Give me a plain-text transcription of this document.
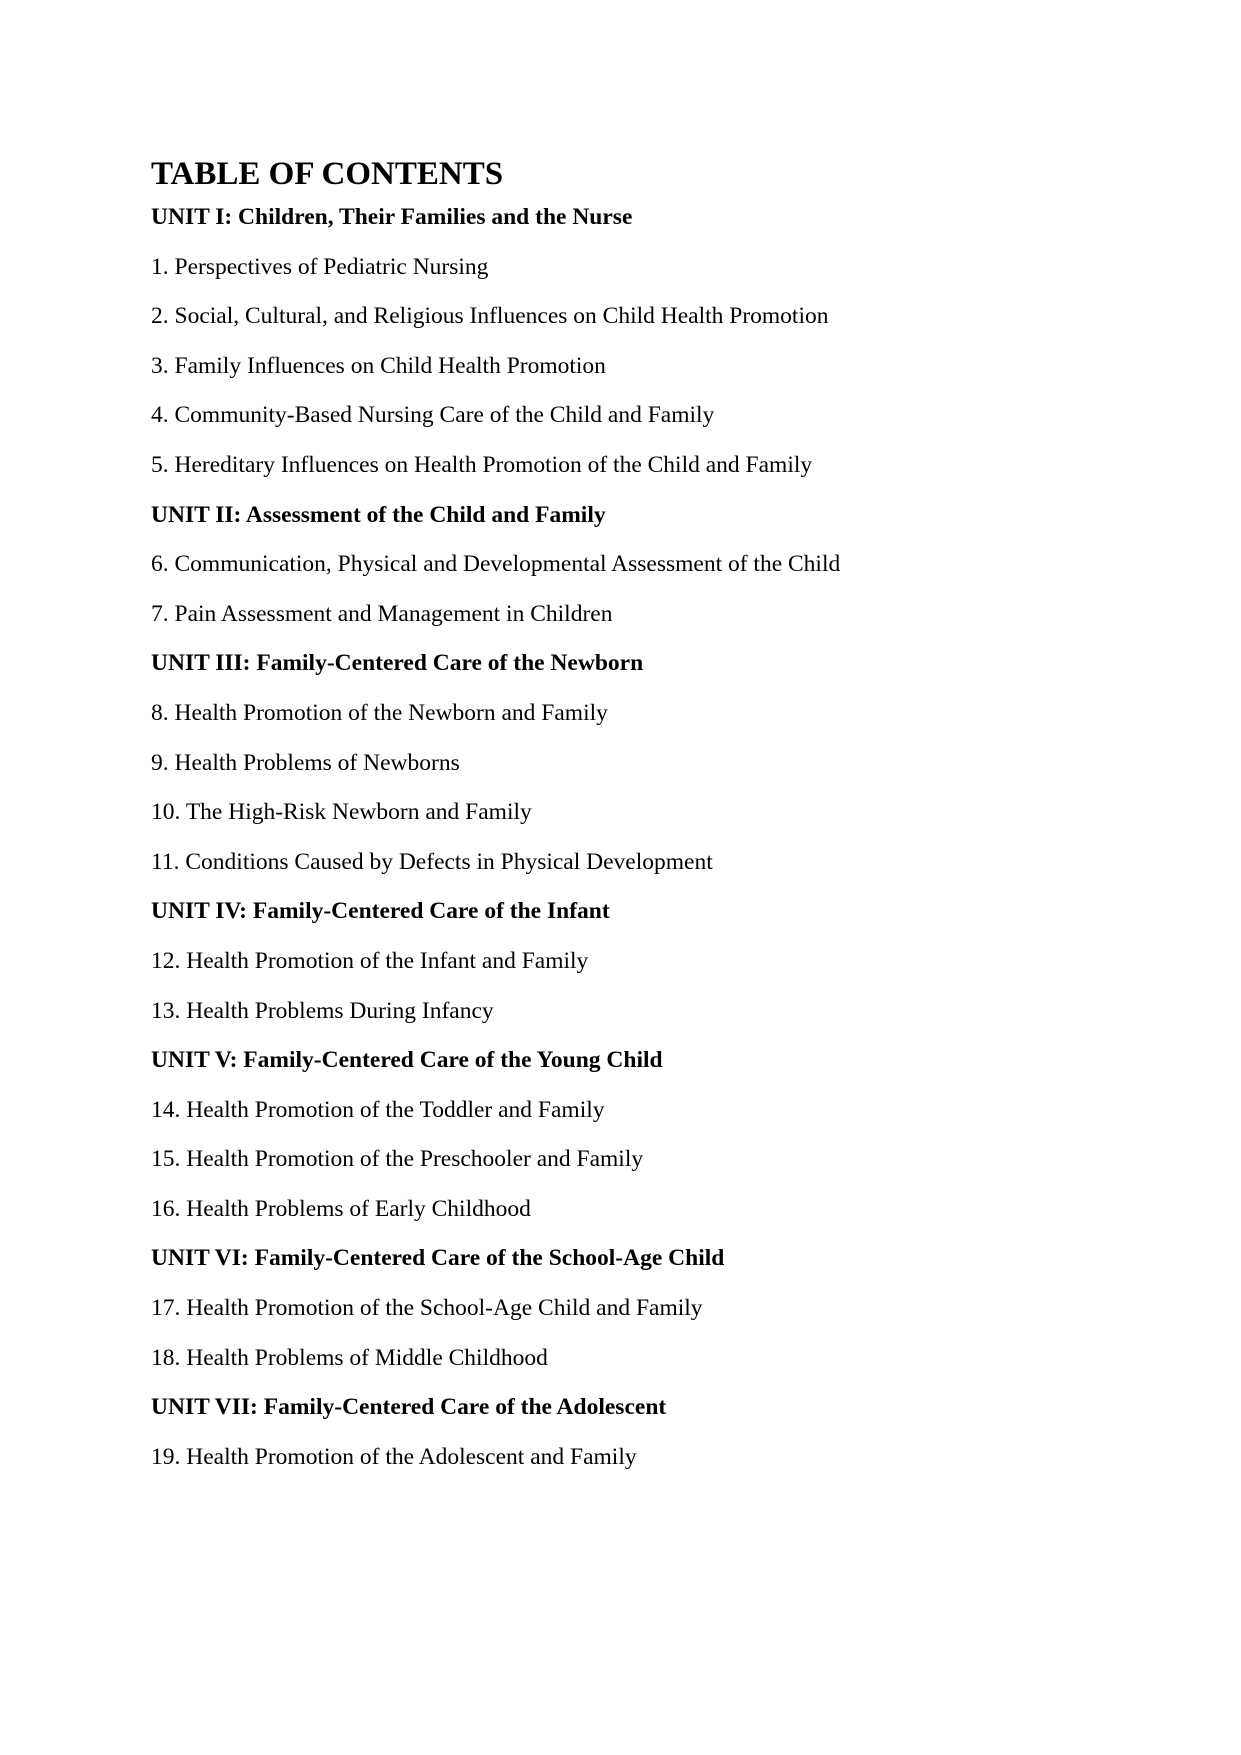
TABLE OF CONTENTS
UNIT I: Children, Their Families and the Nurse
1. Perspectives of Pediatric Nursing
2. Social, Cultural, and Religious Influences on Child Health Promotion
3. Family Influences on Child Health Promotion
4. Community-Based Nursing Care of the Child and Family
5. Hereditary Influences on Health Promotion of the Child and Family
UNIT II: Assessment of the Child and Family
6. Communication, Physical and Developmental Assessment of the Child
7. Pain Assessment and Management in Children
UNIT III: Family-Centered Care of the Newborn
8. Health Promotion of the Newborn and Family
9. Health Problems of Newborns
10. The High-Risk Newborn and Family
11. Conditions Caused by Defects in Physical Development
UNIT IV: Family-Centered Care of the Infant
12. Health Promotion of the Infant and Family
13. Health Problems During Infancy
UNIT V: Family-Centered Care of the Young Child
14. Health Promotion of the Toddler and Family
15. Health Promotion of the Preschooler and Family
16. Health Problems of Early Childhood
UNIT VI: Family-Centered Care of the School-Age Child
17. Health Promotion of the School-Age Child and Family
18. Health Problems of Middle Childhood
UNIT VII: Family-Centered Care of the Adolescent
19. Health Promotion of the Adolescent and Family
